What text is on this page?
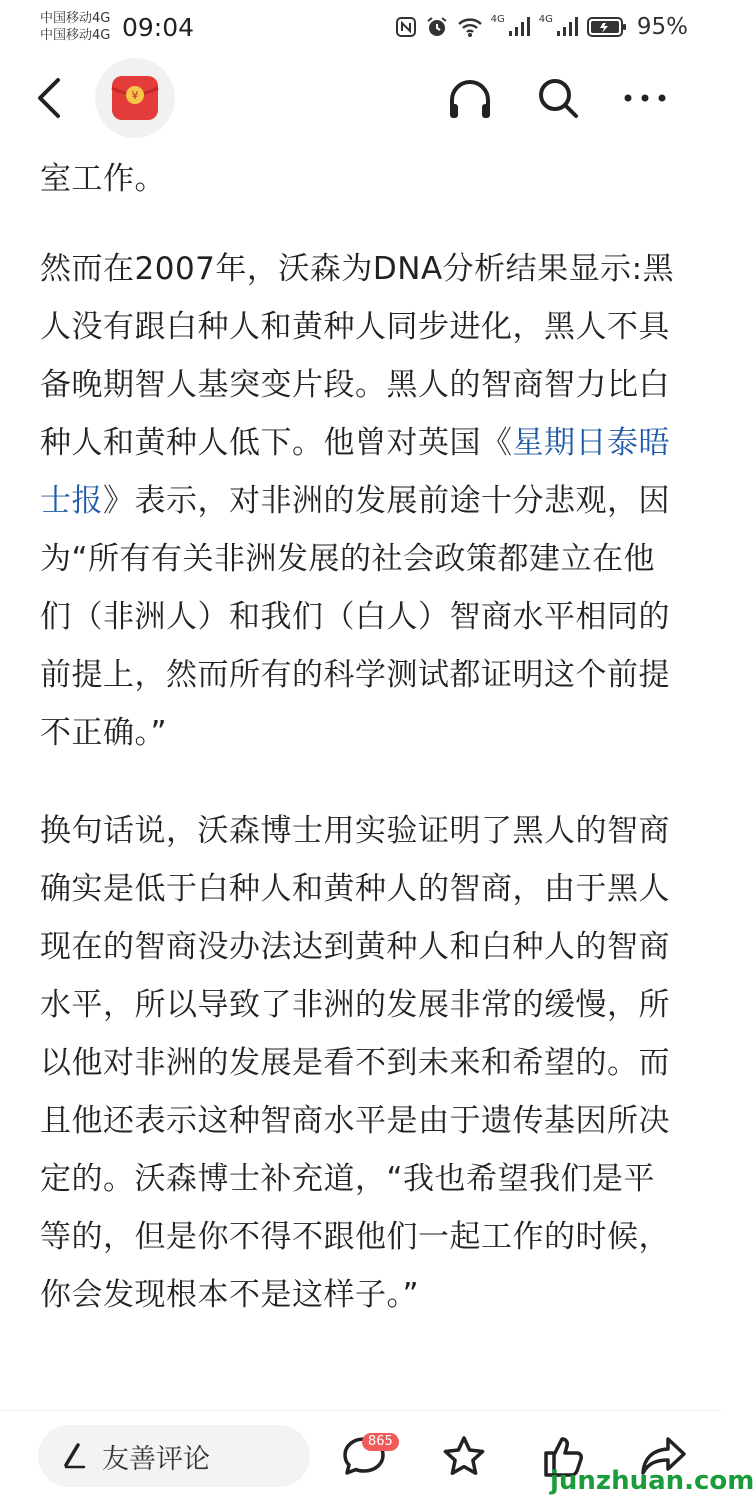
中国移动4G
中国移动4G 09:04	4G	4G	95%
¥

室工作。

然而在2007年，沃森为DNA分析结果显示:黑人没有跟白种人和黄种人同步进化，黑人不具备晚期智人基突变片段。黑人的智商智力比白种人和黄种人低下。他曾对英国《星期日泰晤士报》表示，对非洲的发展前途十分悲观，因为“所有有关非洲发展的社会政策都建立在他们（非洲人）和我们（白人）智商水平相同的前提上，然而所有的科学测试都证明这个前提不正确。”

换句话说，沃森博士用实验证明了黑人的智商确实是低于白种人和黄种人的智商，由于黑人现在的智商没办法达到黄种人和白种人的智商水平，所以导致了非洲的发展非常的缓慢，所以他对非洲的发展是看不到未来和希望的。而且他还表示这种智商水平是由于遗传基因所决定的。沃森博士补充道，“我也希望我们是平等的，但是你不得不跟他们一起工作的时候，你会发现根本不是这样子。”

友善评论
865
junzhuan.com
